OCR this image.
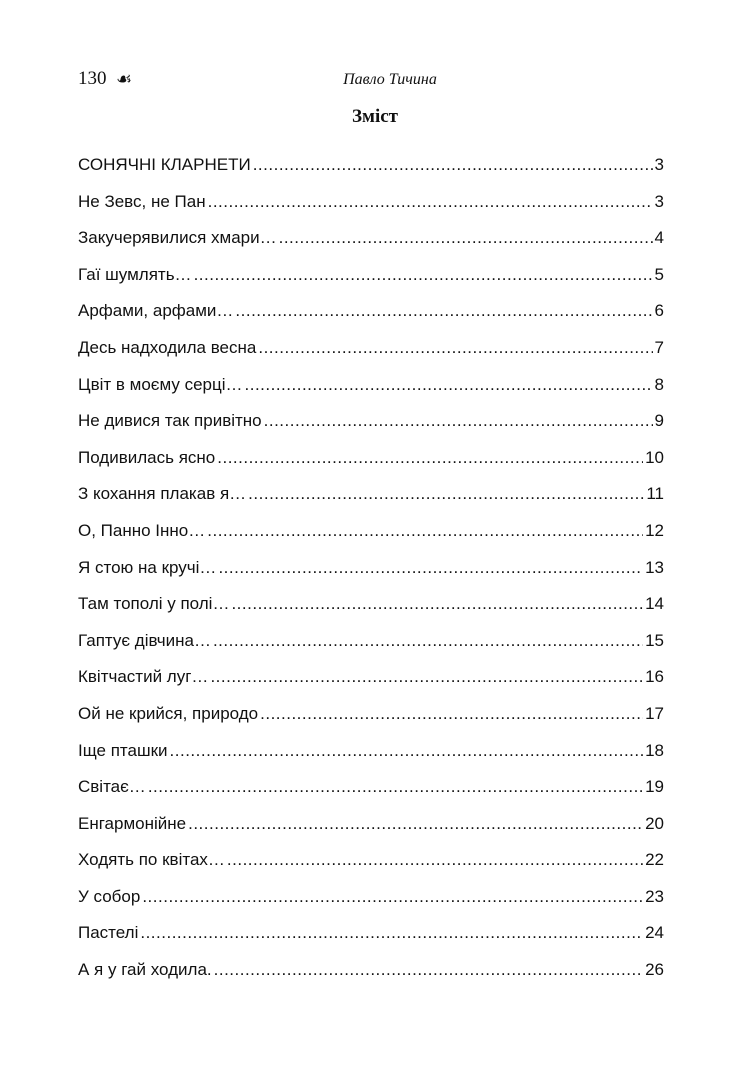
130 ☙	Павло Тичина
Зміст
СОНЯЧНІ КЛАРНЕТИ .....	3
Не Зевс, не Пан .....	3
Закучерявилися хмари… .....	4
Гаї шумлять… .....	5
Арфами, арфами… .....	6
Десь надходила весна .....	7
Цвіт в моєму серці… .....	8
Не дивися так привітно .....	9
Подивилась ясно .....	10
З кохання плакав я… .....	11
О, Панно Інно… .....	12
Я стою на кручі… .....	13
Там тополі у полі… .....	14
Гаптує дівчина… .....	15
Квітчастий луг… .....	16
Ой не крийся, природо .....	17
Іще пташки .....	18
Світає… .....	19
Енгармонійне .....	20
Ходять по квітах… .....	22
У собор .....	23
Пастелі .....	24
А я у гай ходила. .....	26
